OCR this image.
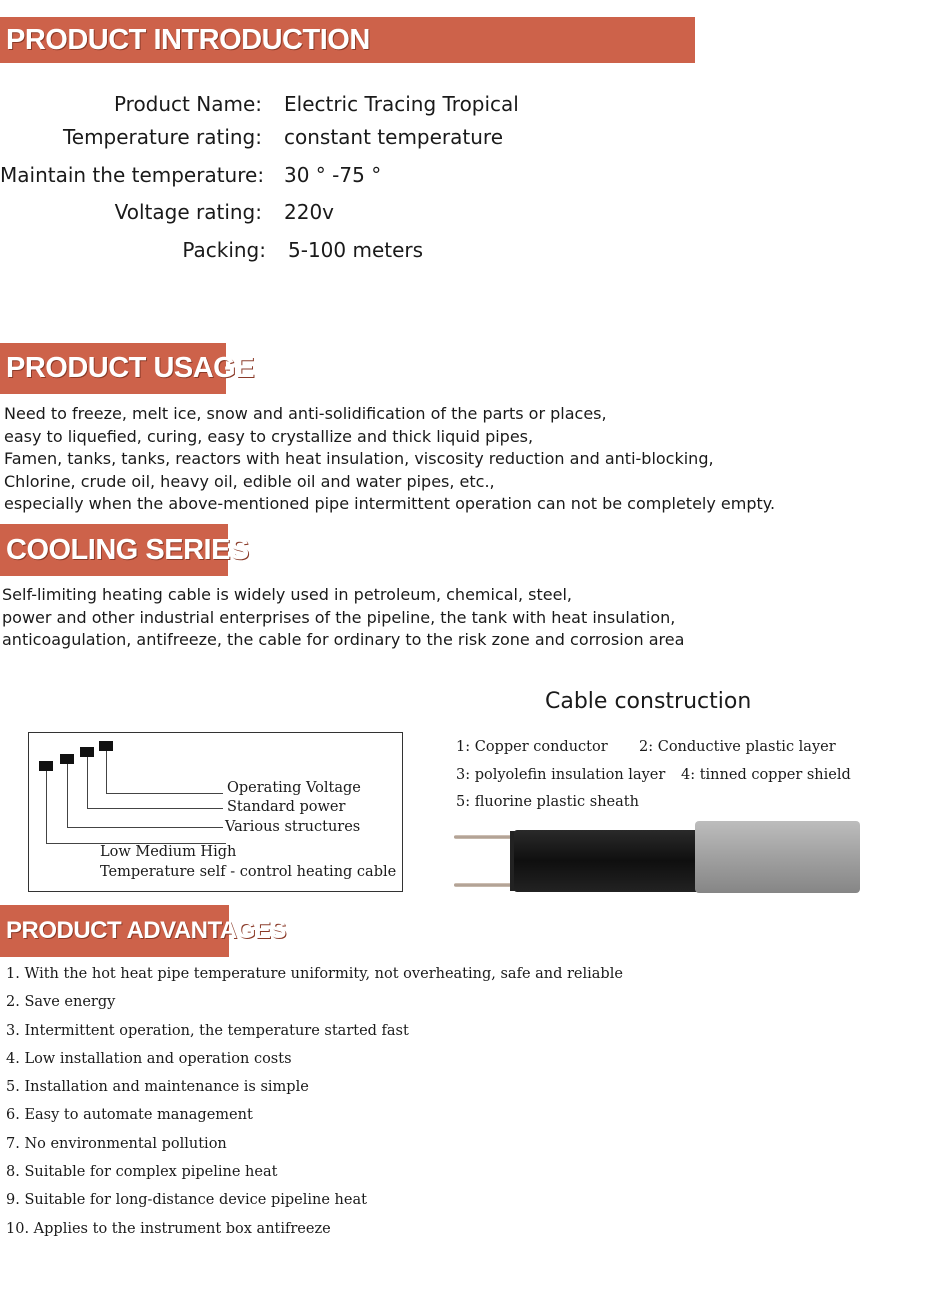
PRODUCT INTRODUCTION
Product Name: Electric Tracing Tropical
Temperature rating: constant temperature
Maintain the temperature: 30 ° -75 °
Voltage rating: 220v
Packing: 5-100 meters
PRODUCT USAGE
Need to freeze, melt ice, snow and anti-solidification of the parts or places,
easy to liquefied, curing, easy to crystallize and thick liquid pipes,
Famen, tanks, tanks, reactors with heat insulation, viscosity reduction and anti-blocking,
Chlorine, crude oil, heavy oil, edible oil and water pipes, etc.,
especially when the above-mentioned pipe intermittent operation can not be completely empty.
COOLING SERIES
Self-limiting heating cable is widely used in petroleum, chemical, steel,
power and other industrial enterprises of the pipeline, the tank with heat insulation,
anticoagulation, antifreeze, the cable for ordinary to the risk zone and corrosion area
Operating Voltage
Standard power
Various structures
Low Medium High
Temperature self - control heating cable
Cable construction
1: Copper conductor 2: Conductive plastic layer
3: polyolefin insulation layer 4: tinned copper shield
5: fluorine plastic sheath
PRODUCT ADVANTAGES
1. With the hot heat pipe temperature uniformity, not overheating, safe and reliable
2. Save energy
3. Intermittent operation, the temperature started fast
4. Low installation and operation costs
5. Installation and maintenance is simple
6. Easy to automate management
7. No environmental pollution
8. Suitable for complex pipeline heat
9. Suitable for long-distance device pipeline heat
10. Applies to the instrument box antifreeze
